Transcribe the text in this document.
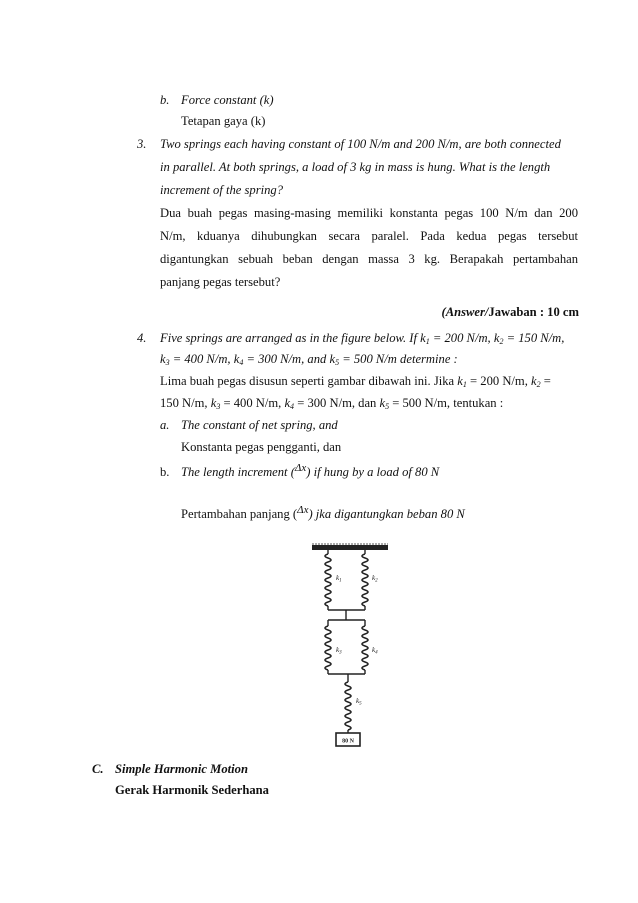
b. Force constant (k)
Tetapan gaya (k)
3. Two springs each having constant of 100 N/m and 200 N/m, are both connected
in parallel. At both springs, a load of 3 kg in mass is hung. What is the length
increment of the spring?
Dua buah pegas masing-masing memiliki konstanta pegas 100 N/m dan 200
N/m, kduanya dihubungkan secara paralel. Pada kedua pegas tersebut
digantungkan sebuah beban dengan massa 3 kg. Berapakah pertambahan
panjang pegas tersebut?
(Answer/Jawaban : 10 cm
4. Five springs are arranged as in the figure below. If $k_1 = 200$ N/m, $k_2 = 150$ N/m,
$k_3 = 400$ N/m, $k_4 = 300$ N/m, and $k_5 = 500$ N/m determine :
Lima buah pegas disusun seperti gambar dibawah ini. Jika $k_1 = 200$ N/m, $k_2$ =
150 N/m, $k_3 = 400$ N/m, $k_4 = 300$ N/m, dan $k_5 = 500$ N/m, tentukan :
a. The constant of net spring, and
Konstanta pegas pengganti, dan
b. The length increment (Δx) if hung by a load of 80 N
Pertambahan panjang (Δx) jka digantungkan beban 80 N
$k_1$	$k_2$
$k_3$	$k_4$
$k_5$
80 N
C. Simple Harmonic Motion
Gerak Harmonik Sederhana
